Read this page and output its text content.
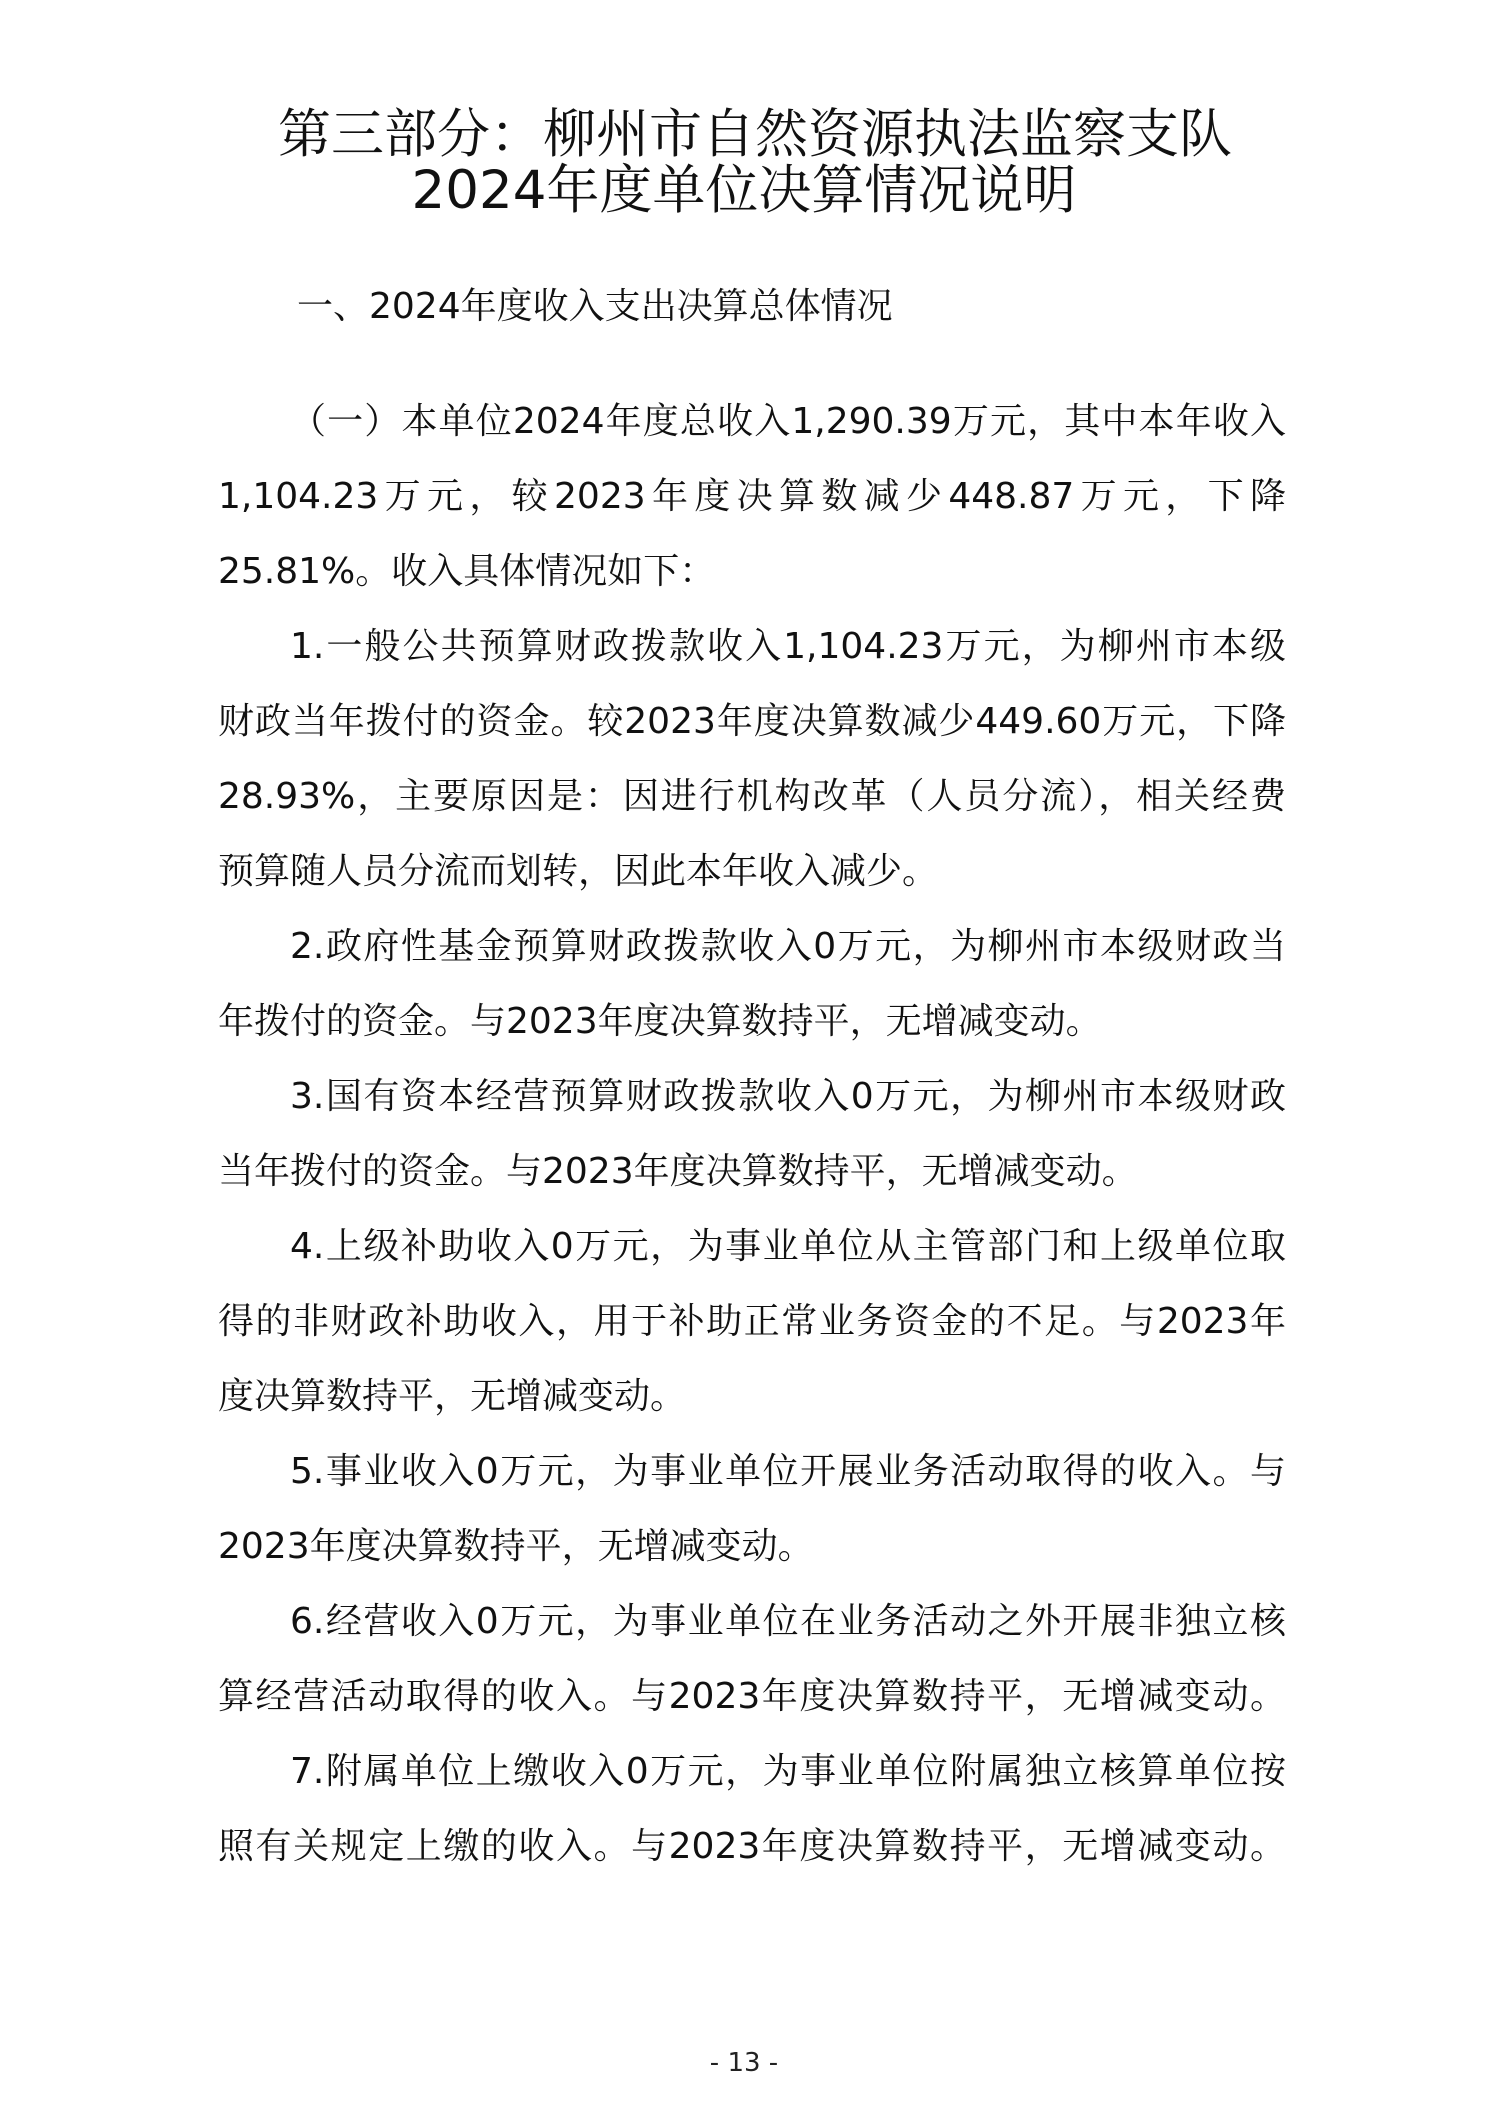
第三部分：柳州市自然资源执法监察支队
2024年度单位决算情况说明
一、2024年度收入支出决算总体情况
（一）本单位2024年度总收入1,290.39万元，其中本年收入
1,104.23万元，较2023年度决算数减少448.87万元，下降
25.81%。收入具体情况如下：
1.一般公共预算财政拨款收入1,104.23万元，为柳州市本级
财政当年拨付的资金。较2023年度决算数减少449.60万元，下降
28.93%，主要原因是：因进行机构改革（人员分流），相关经费
预算随人员分流而划转，因此本年收入减少。
2.政府性基金预算财政拨款收入0万元，为柳州市本级财政当
年拨付的资金。与2023年度决算数持平，无增减变动。
3.国有资本经营预算财政拨款收入0万元，为柳州市本级财政
当年拨付的资金。与2023年度决算数持平，无增减变动。
4.上级补助收入0万元，为事业单位从主管部门和上级单位取
得的非财政补助收入，用于补助正常业务资金的不足。与2023年
度决算数持平，无增减变动。
5.事业收入0万元，为事业单位开展业务活动取得的收入。与
2023年度决算数持平，无增减变动。
6.经营收入0万元，为事业单位在业务活动之外开展非独立核
算经营活动取得的收入。与2023年度决算数持平，无增减变动。
7.附属单位上缴收入0万元，为事业单位附属独立核算单位按
照有关规定上缴的收入。与2023年度决算数持平，无增减变动。
- 13 -
